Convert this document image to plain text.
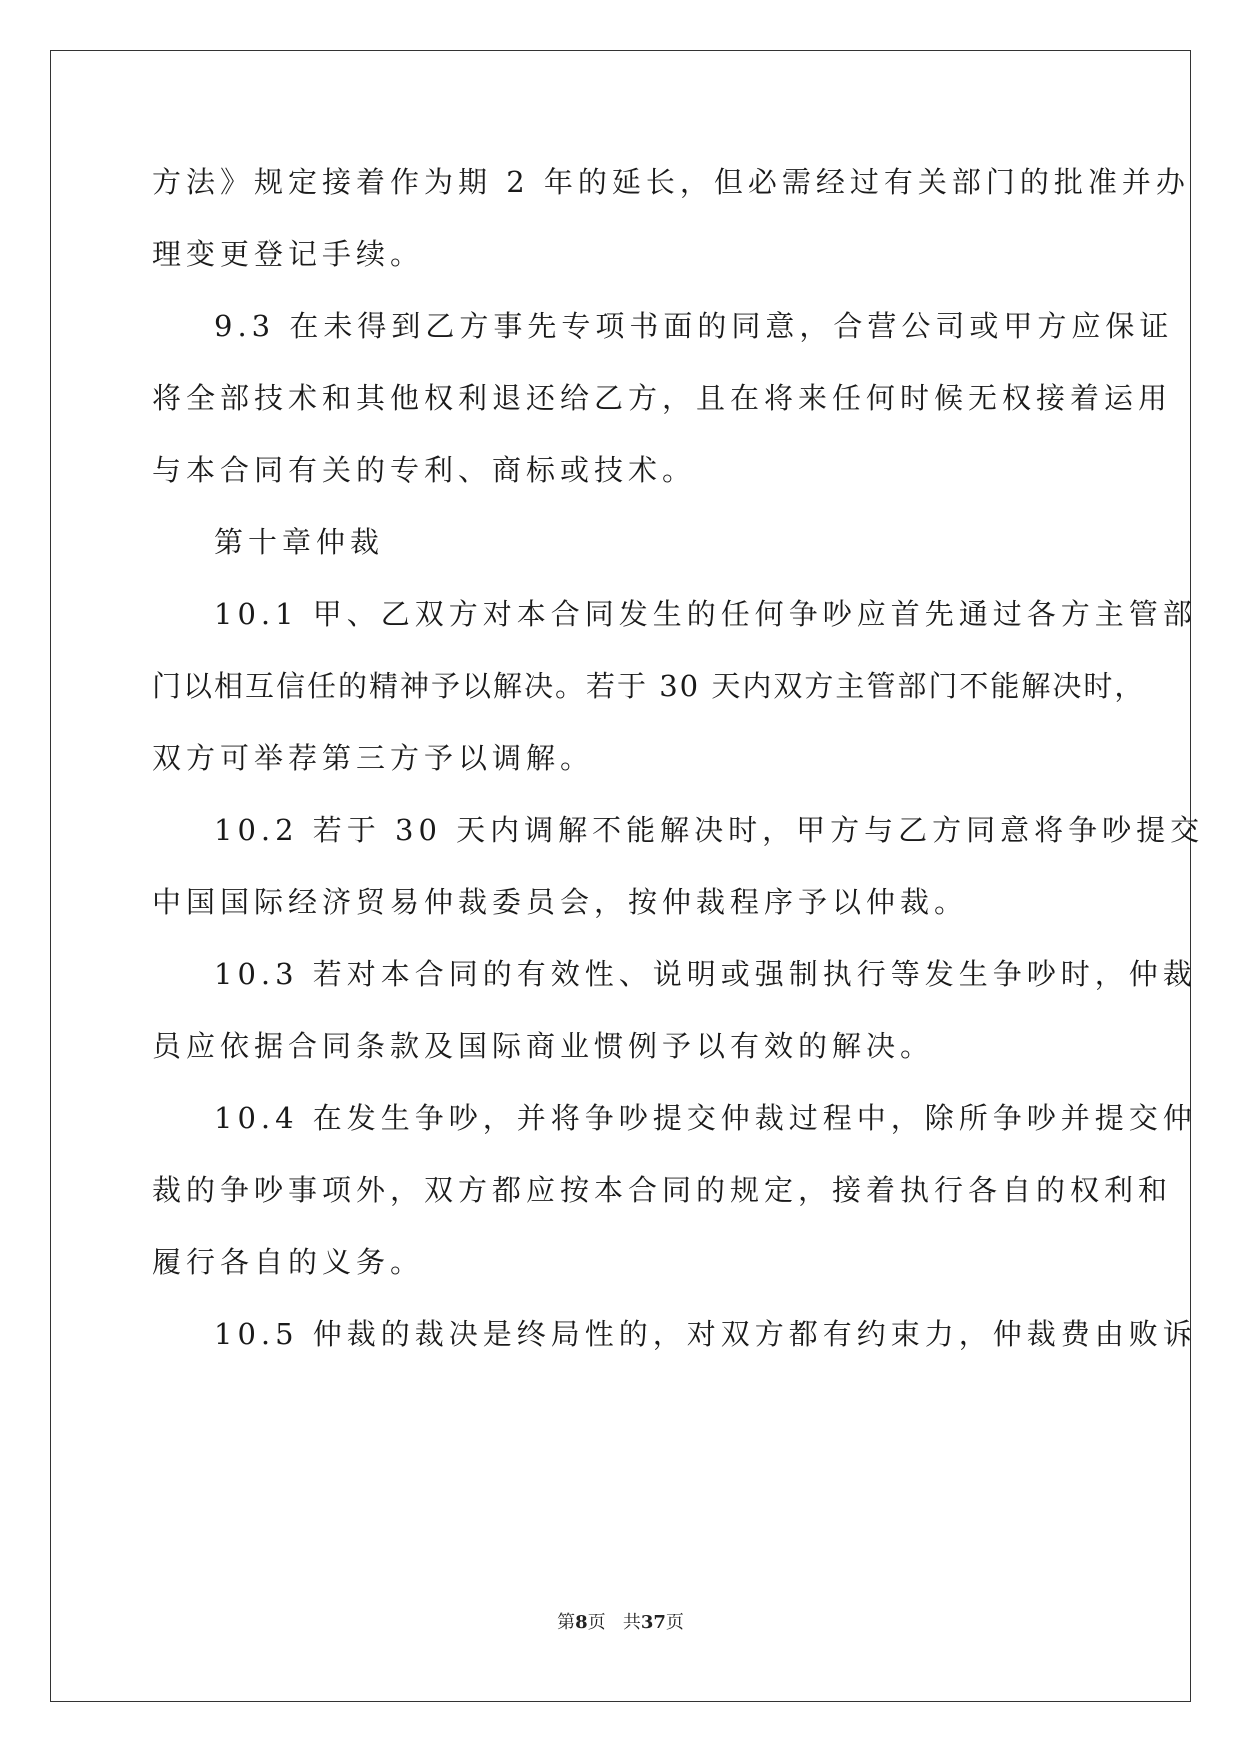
方法》规定接着作为期 2 年的延长，但必需经过有关部门的批准并办
理变更登记手续。
9.3 在未得到乙方事先专项书面的同意，合营公司或甲方应保证
将全部技术和其他权利退还给乙方，且在将来任何时候无权接着运用
与本合同有关的专利、商标或技术。
第十章仲裁
10.1 甲、乙双方对本合同发生的任何争吵应首先通过各方主管部
门以相互信任的精神予以解决。若于 30 天内双方主管部门不能解决时，
双方可举荐第三方予以调解。
10.2 若于 30 天内调解不能解决时，甲方与乙方同意将争吵提交
中国国际经济贸易仲裁委员会，按仲裁程序予以仲裁。
10.3 若对本合同的有效性、说明或强制执行等发生争吵时，仲裁
员应依据合同条款及国际商业惯例予以有效的解决。
10.4 在发生争吵，并将争吵提交仲裁过程中，除所争吵并提交仲
裁的争吵事项外，双方都应按本合同的规定，接着执行各自的权利和
履行各自的义务。
10.5 仲裁的裁决是终局性的，对双方都有约束力，仲裁费由败诉
第8页 共37页
